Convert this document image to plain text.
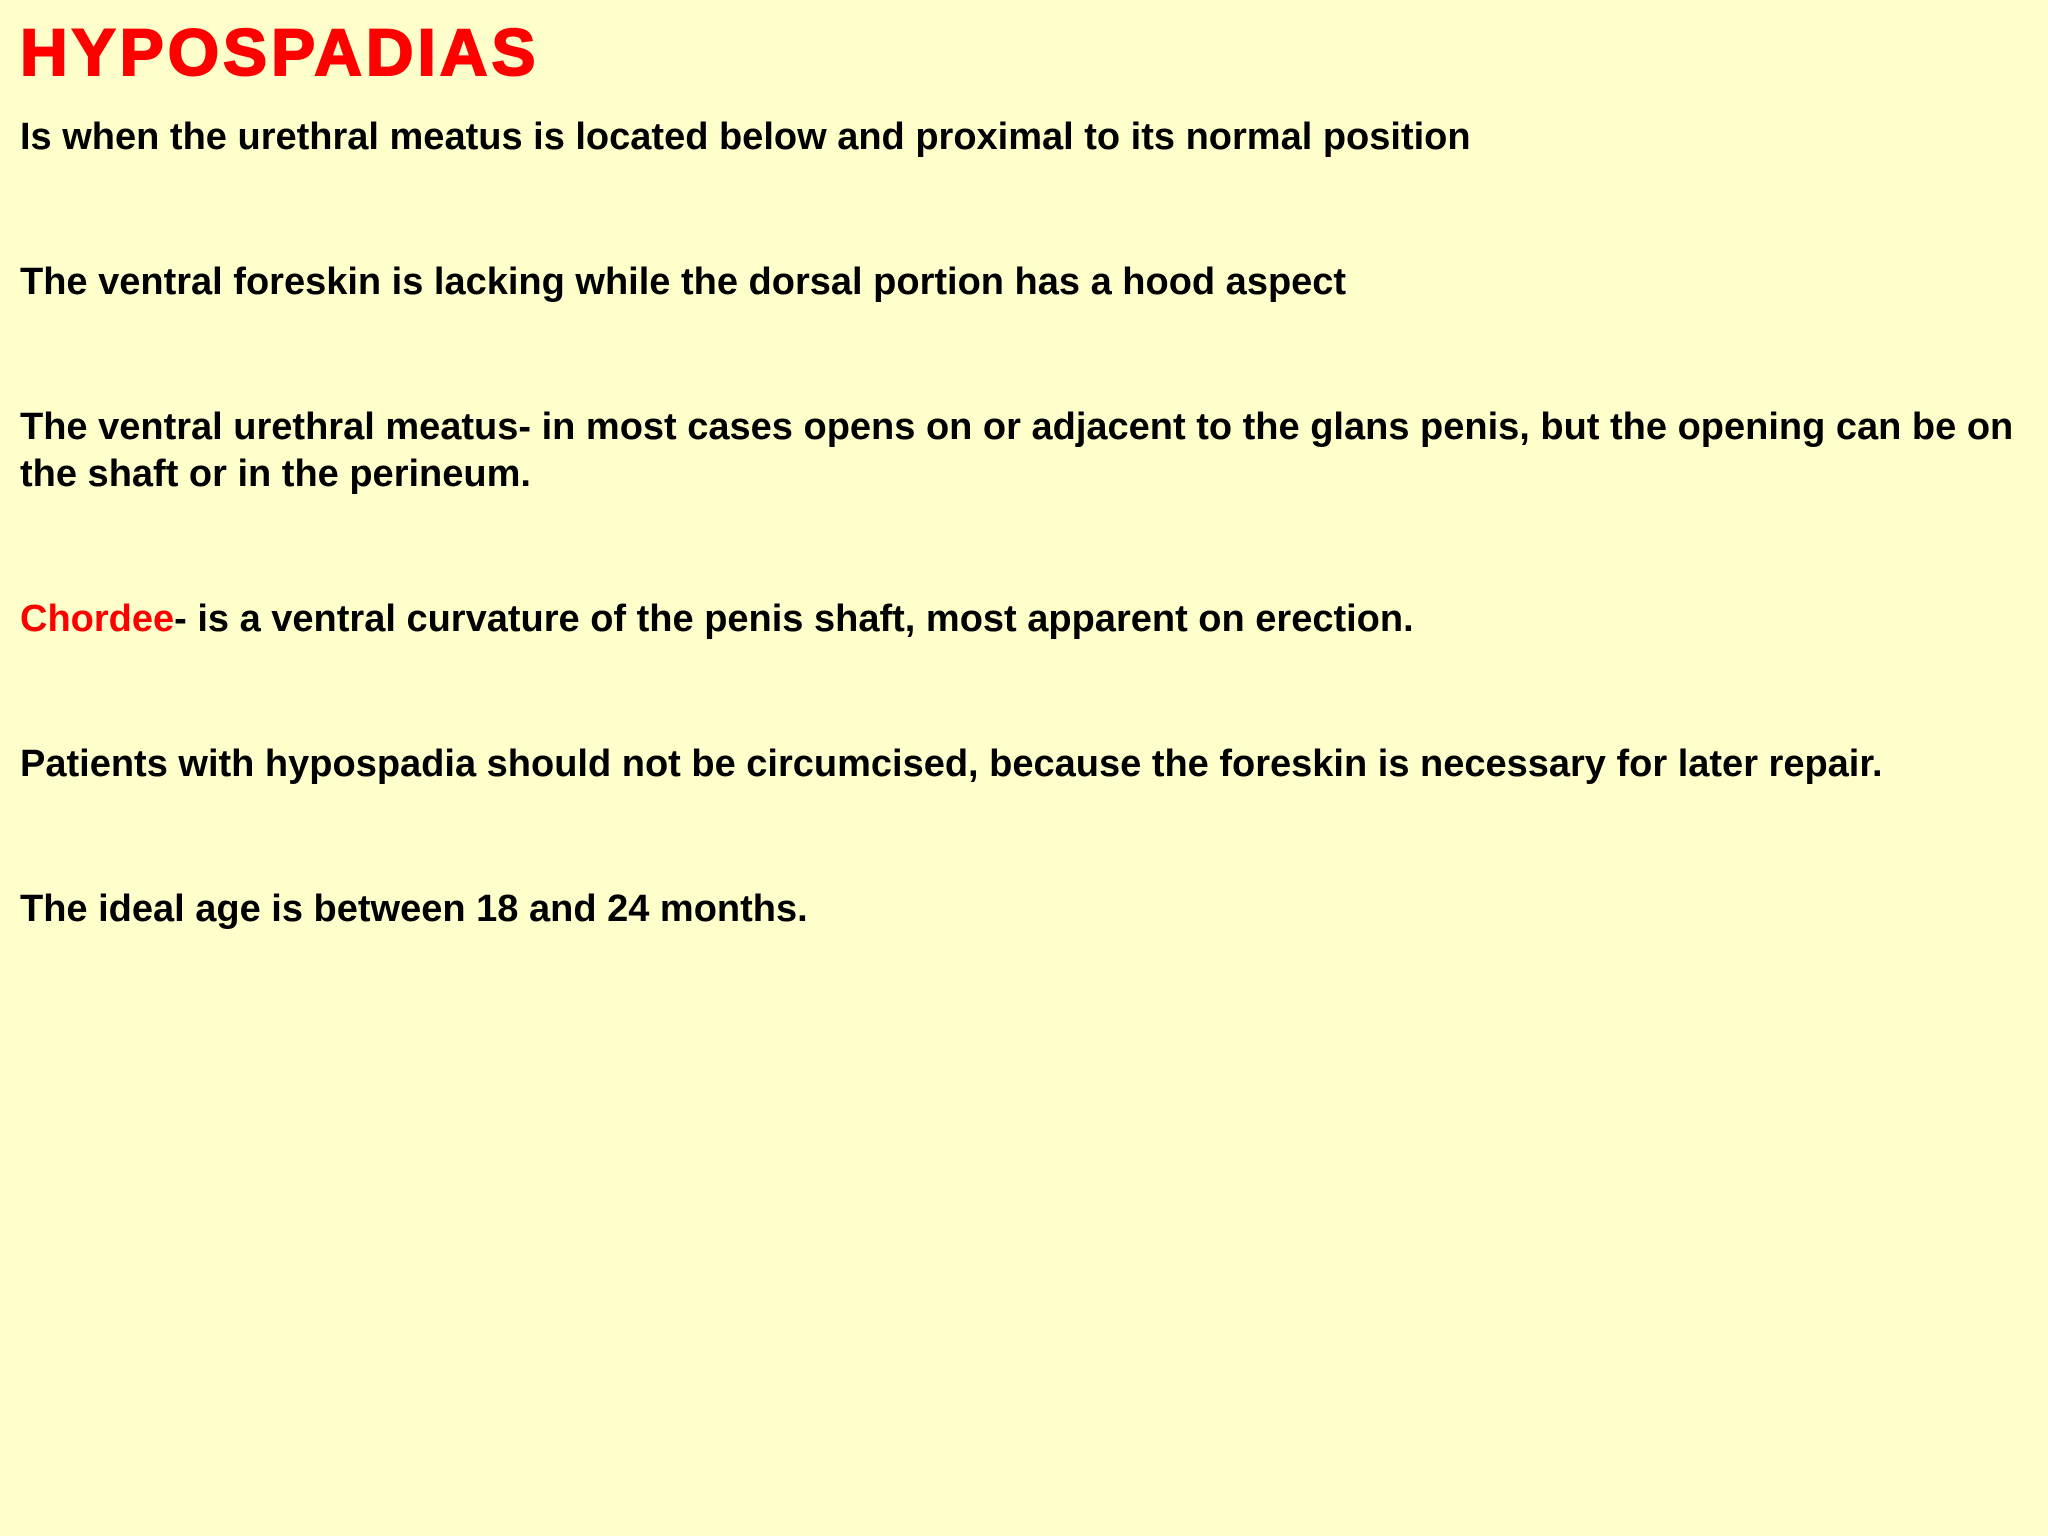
HYPOSPADIAS

Is when the urethral meatus is located below and proximal to its normal position

The ventral foreskin is lacking while the dorsal portion has a hood aspect

The ventral urethral meatus- in most cases opens on or adjacent to the glans penis, but the opening can be on the shaft or in the perineum.

Chordee- is a ventral curvature of the penis shaft, most apparent on erection.

Patients with hypospadia should not be circumcised, because the foreskin is necessary for later repair.

The ideal age is between 18 and 24 months.
